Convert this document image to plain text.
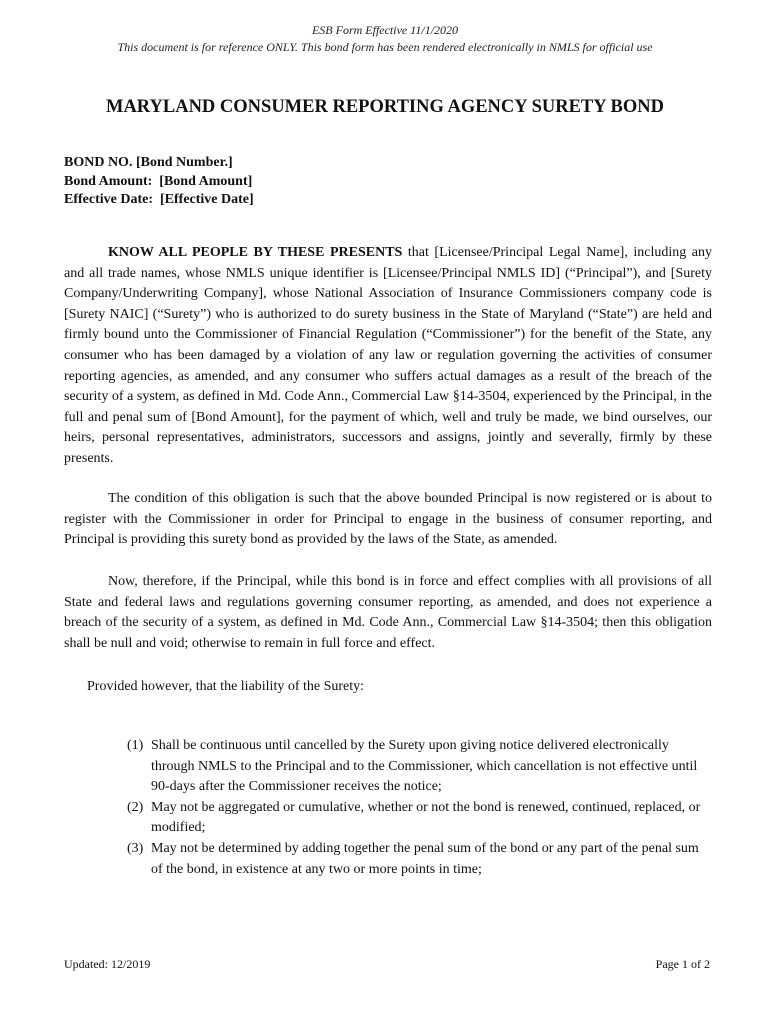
ESB Form Effective 11/1/2020
This document is for reference ONLY. This bond form has been rendered electronically in NMLS for official use
MARYLAND CONSUMER REPORTING AGENCY SURETY BOND
BOND NO. [Bond Number.]
Bond Amount:  [Bond Amount]
Effective Date:  [Effective Date]
KNOW ALL PEOPLE BY THESE PRESENTS that [Licensee/Principal Legal Name], including any and all trade names, whose NMLS unique identifier is [Licensee/Principal NMLS ID] (“Principal”), and [Surety Company/Underwriting Company], whose National Association of Insurance Commissioners company code is [Surety NAIC] (“Surety”) who is authorized to do surety business in the State of Maryland (“State”) are held and firmly bound unto the Commissioner of Financial Regulation (“Commissioner”) for the benefit of the State, any consumer who has been damaged by a violation of any law or regulation governing the activities of consumer reporting agencies, as amended, and any consumer who suffers actual damages as a result of the breach of the security of a system, as defined in Md. Code Ann., Commercial Law §14-3504, experienced by the Principal, in the full and penal sum of [Bond Amount], for the payment of which, well and truly be made, we bind ourselves, our heirs, personal representatives, administrators, successors and assigns, jointly and severally, firmly by these presents.
The condition of this obligation is such that the above bounded Principal is now registered or is about to register with the Commissioner in order for Principal to engage in the business of consumer reporting, and Principal is providing this surety bond as provided by the laws of the State, as amended.
Now, therefore, if the Principal, while this bond is in force and effect complies with all provisions of all State and federal laws and regulations governing consumer reporting, as amended, and does not experience a breach of the security of a system, as defined in Md. Code Ann., Commercial Law §14-3504; then this obligation shall be null and void; otherwise to remain in full force and effect.
Provided however, that the liability of the Surety:
(1) Shall be continuous until cancelled by the Surety upon giving notice delivered electronically through NMLS to the Principal and to the Commissioner, which cancellation is not effective until 90-days after the Commissioner receives the notice;
(2) May not be aggregated or cumulative, whether or not the bond is renewed, continued, replaced, or modified;
(3) May not be determined by adding together the penal sum of the bond or any part of the penal sum of the bond, in existence at any two or more points in time;
Updated: 12/2019	Page 1 of 2
